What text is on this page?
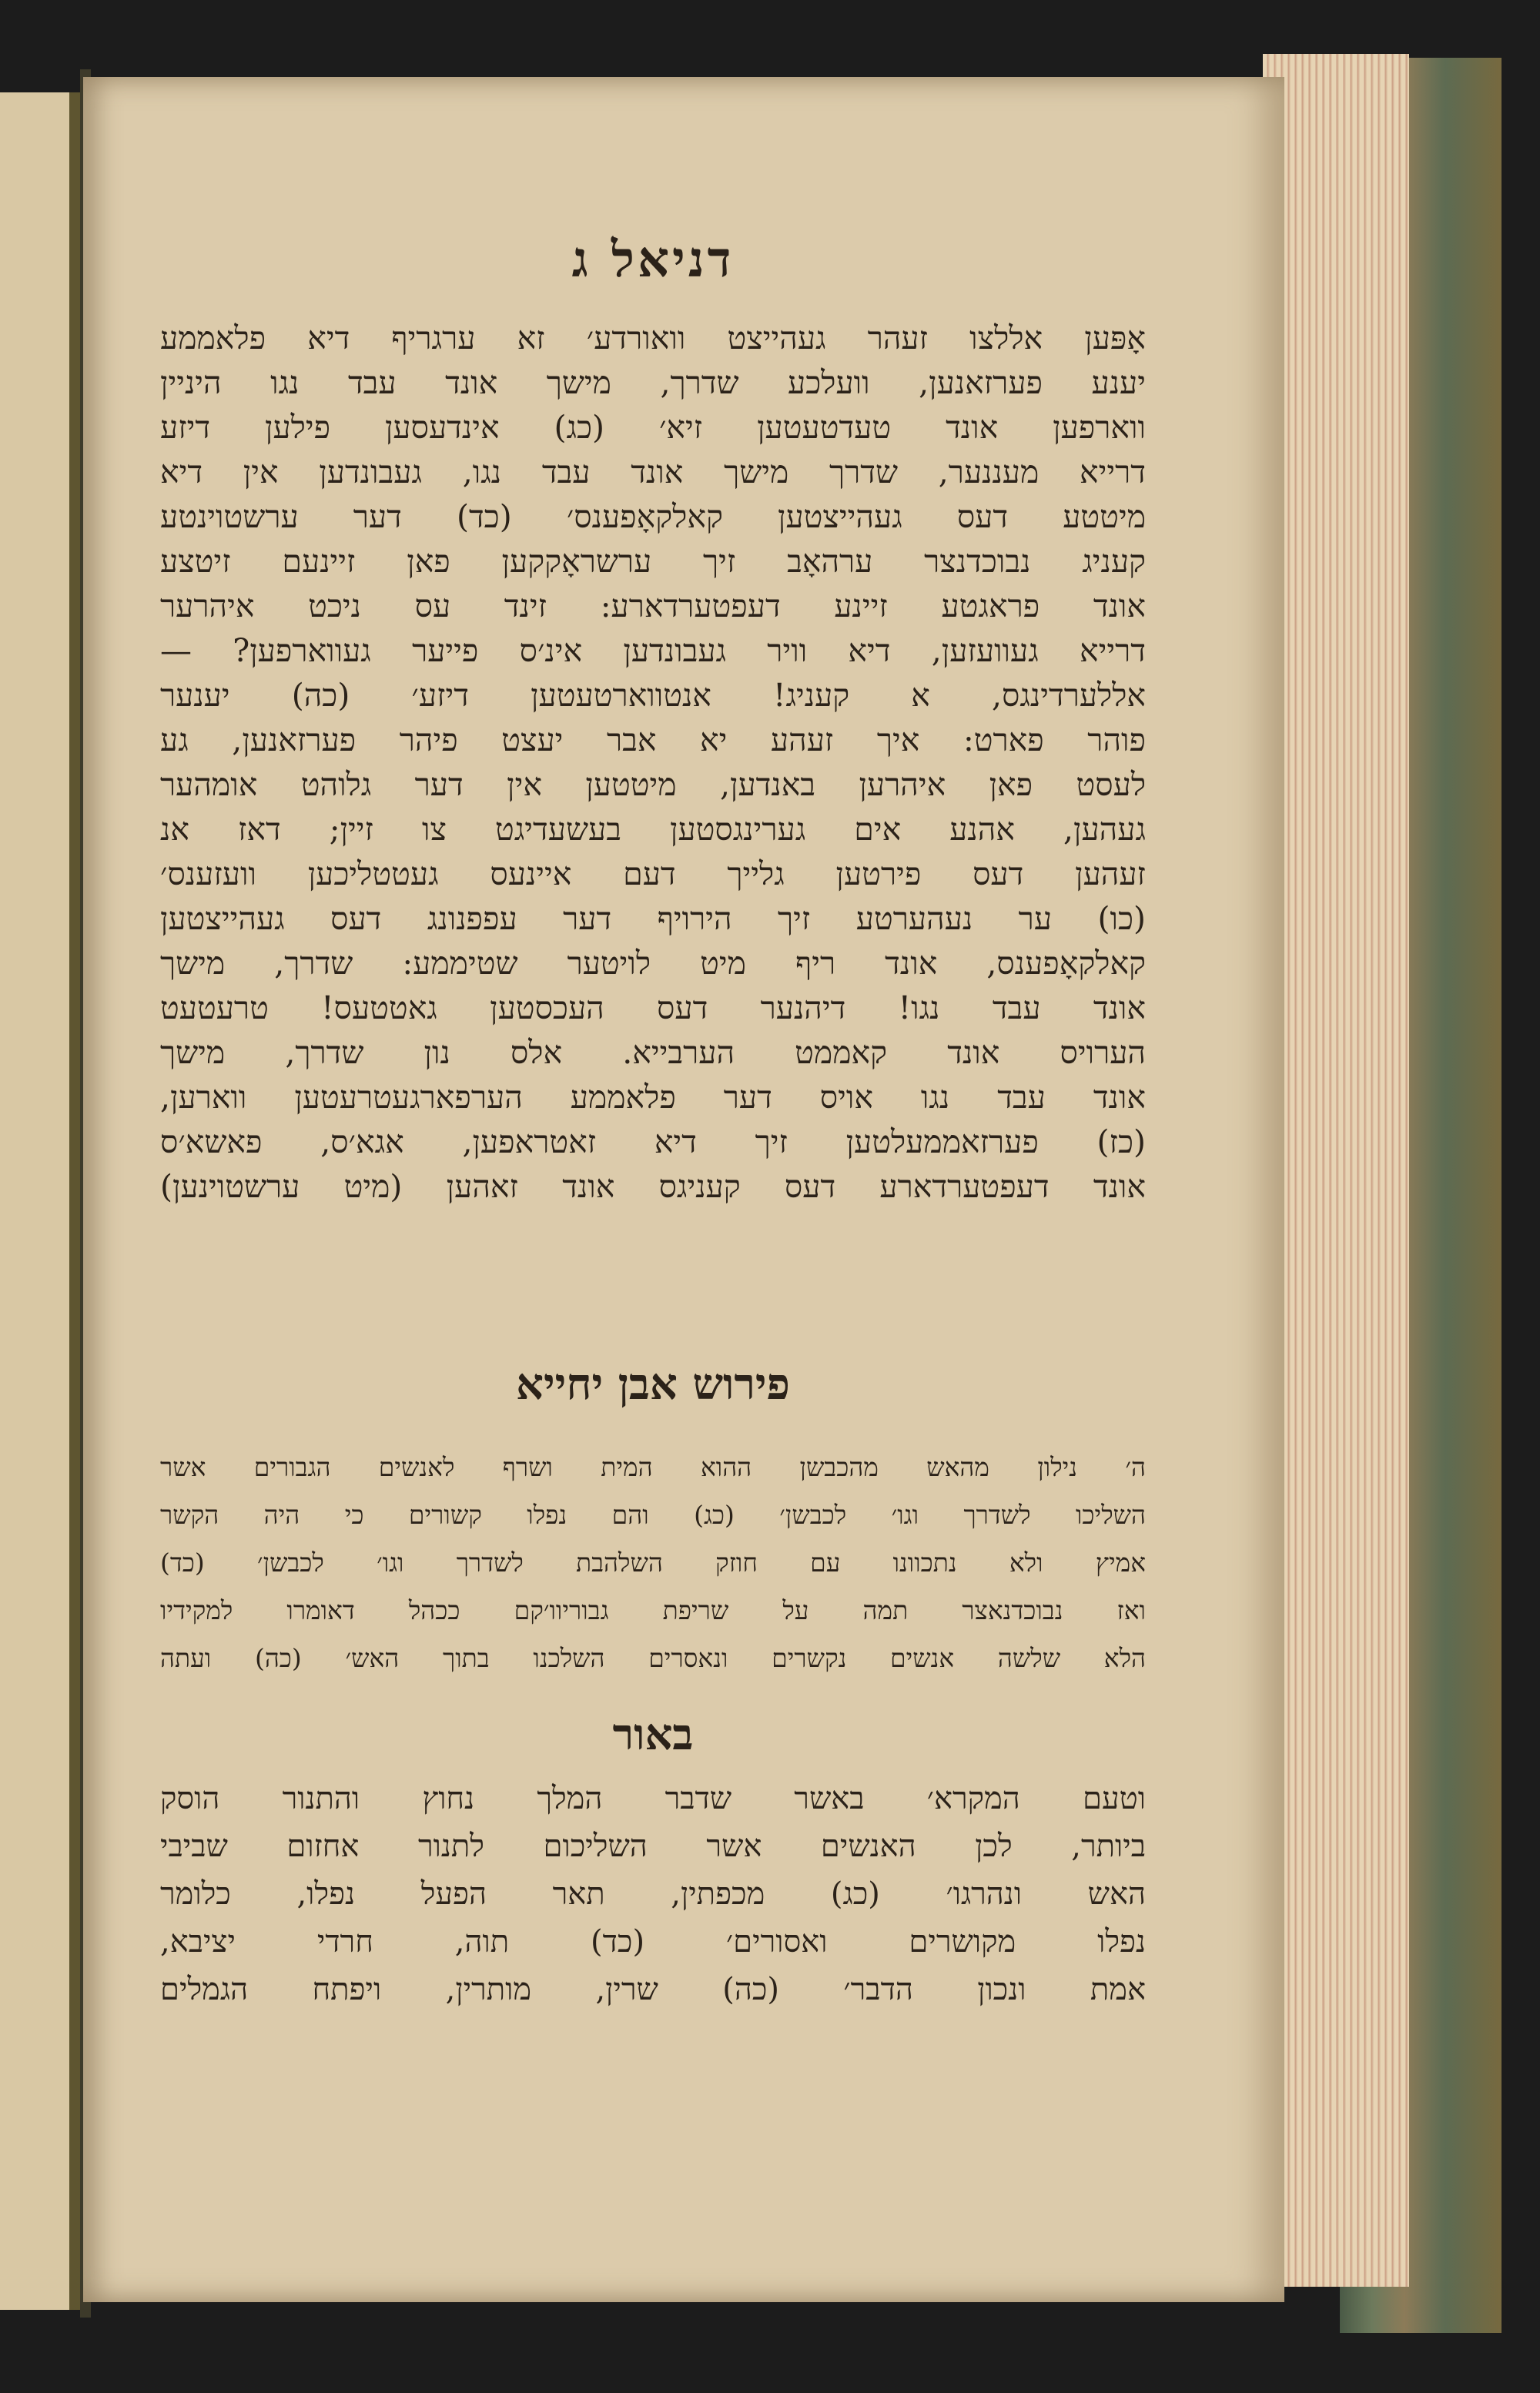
דניאל ג
אָפּען אללצו זעהר געהייצט וואורדע׳ זא ערגריף דיא פלאממע
יענע פערזאנען, וועלכע שדרך, מישך אונד עבד נגו היניין
ווארפען אונד טעדטעטען זיא׳ (כג) אינדעסען פילען דיזע
דרייא מעננער, שדרך מישך אונד עבד נגו, געבונדען אין דיא
מיטטע דעס געהייצטען קאלקאָפענס׳ (כד) דער ערשטוינטע
קעניג נבוכדנצר ערהאָב זיך ערשראָקקען פאן זיינעם זיטצע
אונד פראגטע זיינע דעפטערדארע: זינד עס ניכט איהרער
דרייא געוועזען, דיא וויר געבונדען אינ׳ס פייער געווארפען? —
אללערדינגס, א קעניג! אנטווארטעטען דיזע׳ (כה) יענער
פוהר פארט: איך זעהע יא אבר יעצט פיהר פערזאנען, גע
לעסט פאן איהרען באנדען, מיטטען אין דער גלוהט אומהער
געהען, אהנע אים גערינגסטען בעשעדיגט צו זיין; דאז אנ
זעהען דעס פירטען גלייך דעם איינעס געטטליכען וועזענס׳
(כו) ער נעהערטע זיך הירויף דער עפפנונג דעס געהייצטען
קאלקאָפענס, אונד ריף מיט לויטער שטיממע: שדרך, מישך
אונד עבד נגו! דיהנער דעס העכסטען גאטטעס! טרעטעט
הערויס אונד קאממט הערבייא. אלס נון שדרך, מישך
אונד עבד נגו אויס דער פלאממע הערפארגעטרעטען ווארען,
(כז) פערזאממעלטען זיך דיא זאטראפען, אגא׳ס, פאשא׳ס
אונד דעפטערדארע דעס קעניגס אונד זאהען (מיט ערשטוינען)
פירוש אבן יחייא
ה׳ נילון מהאש מהכבשן ההוא המית ושרף לאנשים הגבורים אשר
השליכו לשדרך וגו׳ לכבשן׳ (כג) והם נפלו קשורים כי היה הקשר
אמיץ ולא נתכוונו עם חוזק השלהבת לשדרך וגו׳ לכבשן׳ (כד)
ואז נבוכדנאצר תמה על שריפת גבוריוו׳קם ככהל דאומרו למקידיו
הלא שלשה אנשים נקשרים ונאסרים השלכנו בתוך האש׳ (כה) ועתה
באור
וטעם המקרא׳ באשר שדבר המלך נחוץ והתנור הוסק
ביותר, לכן האנשים אשר השליכום לתנור אחזום שביבי
האש ונהרגו׳ (כג) מכפתין, תאר הפעל נפלו, כלומר
נפלו מקושרים ואסורים׳ (כד) תוה, חרדי יציבא,
אמת ונכון הדבר׳ (כה) שרין, מותרין, ויפתח הגמלים
